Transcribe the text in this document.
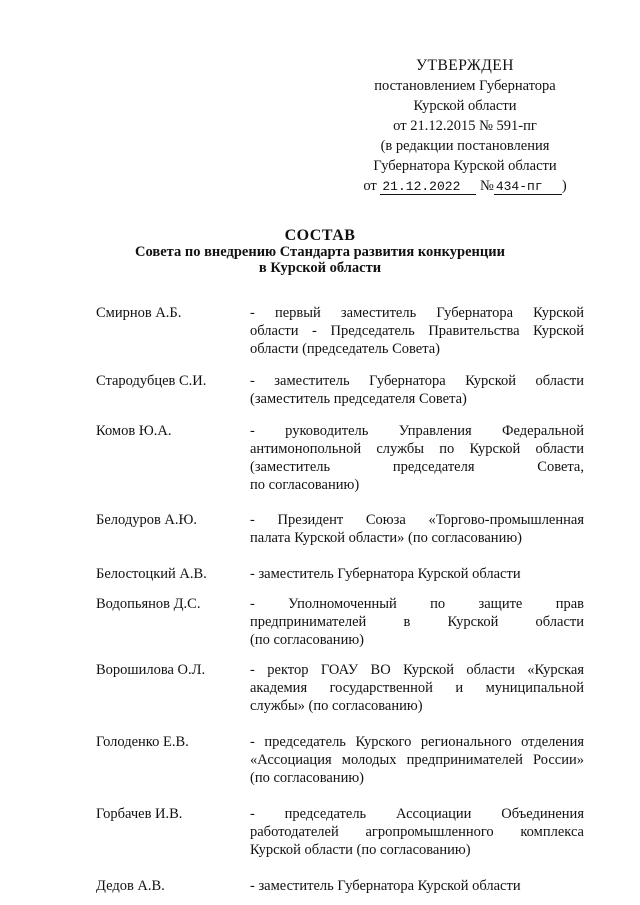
УТВЕРЖДЕН
постановлением Губернатора
Курской области
от 21.12.2015 № 591-пг
(в редакции постановления
Губернатора Курской области
от 21.12.2022 № 434-пг )
СОСТАВ
Совета по внедрению Стандарта развития конкуренции
в Курской области
Смирнов А.Б.	- первый заместитель Губернатора Курской
области - Председатель Правительства Курской
области (председатель Совета)
Стародубцев С.И.	- заместитель Губернатора Курской области
(заместитель председателя Совета)
Комов Ю.А.	- руководитель Управления Федеральной
антимонопольной службы по Курской области
(заместитель председателя Совета,
по согласованию)
Белодуров А.Ю.	- Президент Союза «Торгово-промышленная
палата Курской области» (по согласованию)
Белостоцкий А.В.	- заместитель Губернатора Курской области
Водопьянов Д.С.	- Уполномоченный по защите прав
предпринимателей в Курской области
(по согласованию)
Ворошилова О.Л.	- ректор ГОАУ ВО Курской области «Курская
академия государственной и муниципальной
службы» (по согласованию)
Голоденко Е.В.	- председатель Курского регионального отделения
«Ассоциация молодых предпринимателей России»
(по согласованию)
Горбачев И.В.	- председатель Ассоциации Объединения
работодателей агропромышленного комплекса
Курской области (по согласованию)
Дедов А.В.	- заместитель Губернатора Курской области
